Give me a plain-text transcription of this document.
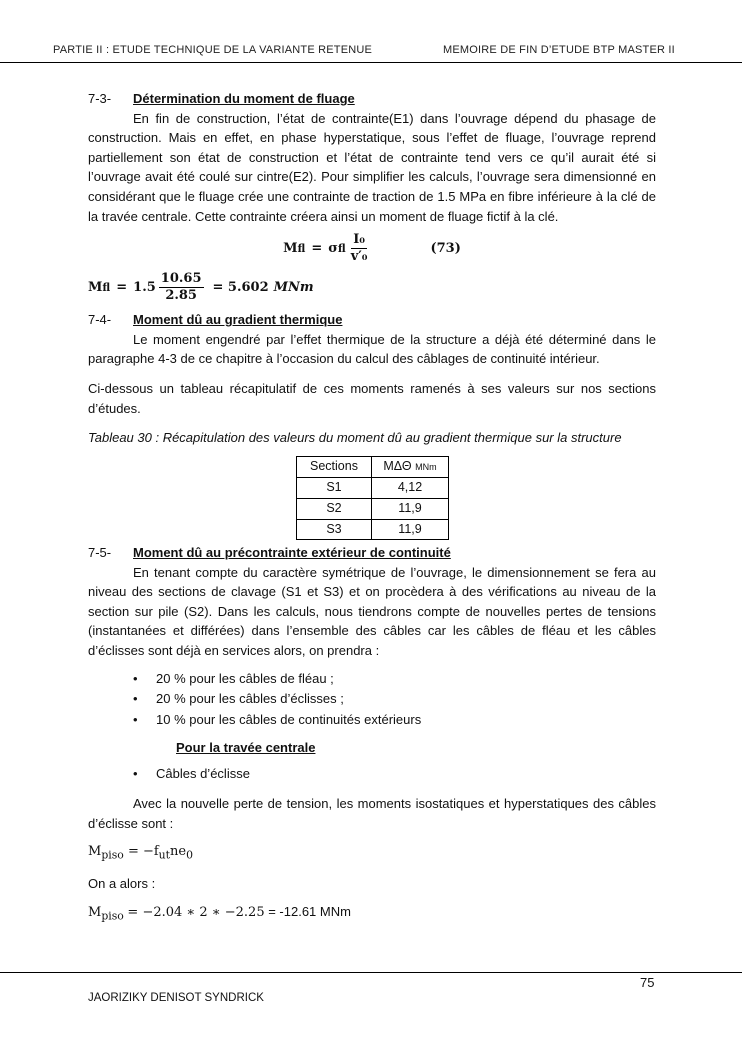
PARTIE II : ETUDE TECHNIQUE DE LA VARIANTE RETENUE	MEMOIRE DE FIN D’ETUDE BTP MASTER II
7-3-	Détermination du moment de fluage

En fin de construction, l’état de contrainte(E1) dans l’ouvrage dépend du phasage de construction. Mais en effet, en phase hyperstatique, sous l’effet de fluage, l’ouvrage reprend partiellement son état de construction et l’état de contrainte tend vers ce qu’il aurait été si l’ouvrage avait été coulé sur cintre(E2). Pour simplifier les calculs, l’ouvrage sera dimensionné en considérant que le fluage crée une contrainte de traction de 1.5 MPa en fibre inférieure à la clé de la travée centrale. Cette contrainte créera ainsi un moment de fluage fictif à la clé.

M fl = σ fl $\frac{\text{I₀}}{\text{v′₀}}$	(73)
M fl = $1.5 \frac{10.65}{2.85} = 5.602$ MNm
7-4-	Moment dû au gradient thermique

Le moment engendré par l’effet thermique de la structure a déjà été déterminé dans le paragraphe 4-3 de ce chapitre à l’occasion du calcul des câblages de continuité intérieur.

Ci-dessous un tableau récapitulatif de ces moments ramenés à ses valeurs sur nos sections d’études.

Tableau 30 : Récapitulation des valeurs du moment dû au gradient thermique sur la structure

Sections	MΔΘ MNm
S1	4,12
S2	11,9
S3	11,9
7-5-	Moment dû au précontrainte extérieur de continuité

En tenant compte du caractère symétrique de l’ouvrage, le dimensionnement se fera au niveau des sections de clavage (S1 et S3) et on procèdera à des vérifications au niveau de la section sur pile (S2). Dans les calculs, nous tiendrons compte de nouvelles pertes de tensions (instantanées et différées) dans l’ensemble des câbles car les câbles de fléau et les câbles d’éclisses sont déjà en services alors, on prendra :

•	20 % pour les câbles de fléau ;
•	20 % pour les câbles d’éclisses ;
•	10 % pour les câbles de continuités extérieurs
Pour la travée centrale
•	Câbles d’éclisse

Avec la nouvelle perte de tension, les moments isostatiques et hyperstatiques des câbles d’éclisse sont :

$M_{piso} = -f_{ut}ne_0$

On a alors :

$M_{piso} = -2.04$ ∗ 2 ∗ −2.25 = -12.61 MNm
75
JAORIZIKY DENISOT SYNDRICK
